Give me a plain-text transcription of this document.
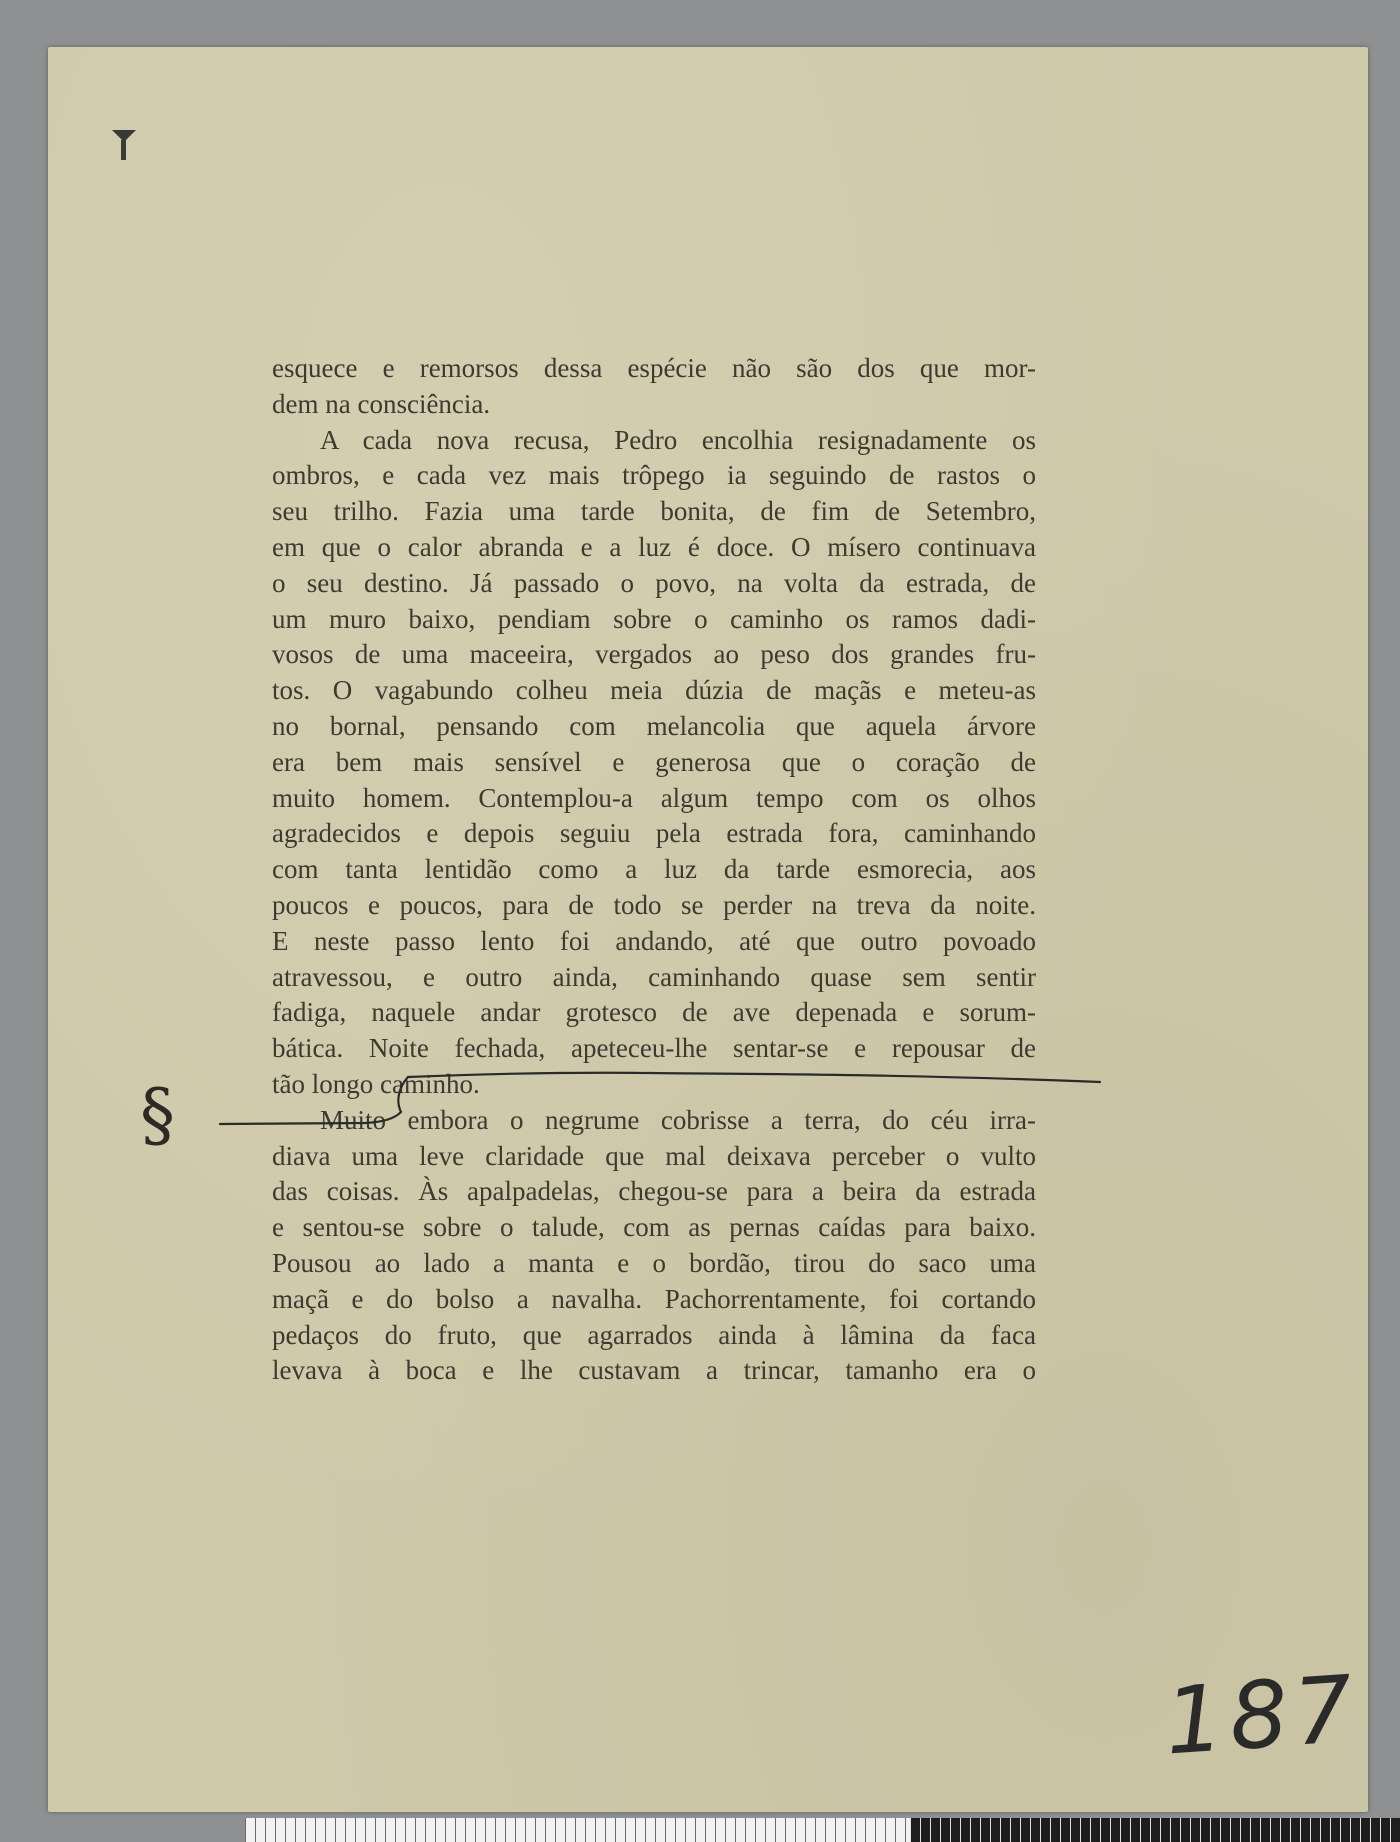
esquece e remorsos dessa espécie não são dos que mor-

dem na consciência.

A cada nova recusa, Pedro encolhia resignadamente os

ombros, e cada vez mais trôpego ia seguindo de rastos o

seu trilho. Fazia uma tarde bonita, de fim de Setembro,

em que o calor abranda e a luz é doce. O mísero continuava

o seu destino. Já passado o povo, na volta da estrada, de

um muro baixo, pendiam sobre o caminho os ramos dadi-

vosos de uma maceeira, vergados ao peso dos grandes fru-

tos. O vagabundo colheu meia dúzia de maçãs e meteu-as

no bornal, pensando com melancolia que aquela árvore

era bem mais sensível e generosa que o coração de

muito homem. Contemplou-a algum tempo com os olhos

agradecidos e depois seguiu pela estrada fora, caminhando

com tanta lentidão como a luz da tarde esmorecia, aos

poucos e poucos, para de todo se perder na treva da noite.

E neste passo lento foi andando, até que outro povoado

atravessou, e outro ainda, caminhando quase sem sentir

fadiga, naquele andar grotesco de ave depenada e sorum-

bática. Noite fechada, apeteceu-lhe sentar-se e repousar de

tão longo caminho.

Muito embora o negrume cobrisse a terra, do céu irra-

diava uma leve claridade que mal deixava perceber o vulto

das coisas. Às apalpadelas, chegou-se para a beira da estrada

e sentou-se sobre o talude, com as pernas caídas para baixo.

Pousou ao lado a manta e o bordão, tirou do saco uma

maçã e do bolso a navalha. Pachorrentamente, foi cortando

pedaços do fruto, que agarrados ainda à lâmina da faca

levava à boca e lhe custavam a trincar, tamanho era o

§
187
